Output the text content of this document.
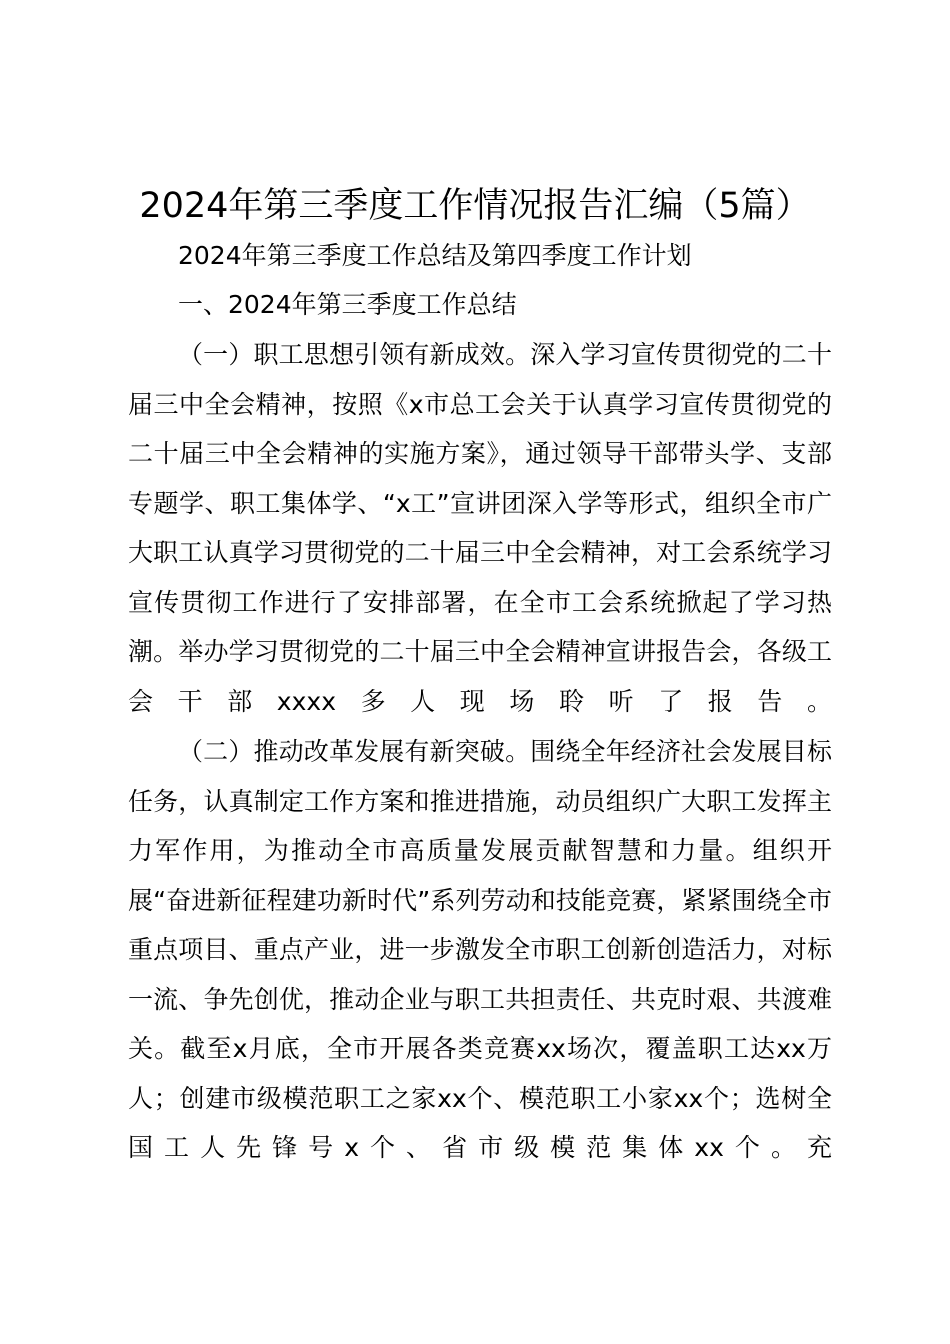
2024年第三季度工作情况报告汇编（5篇）
2024年第三季度工作总结及第四季度工作计划
一、2024年第三季度工作总结
（一）职工思想引领有新成效。深入学习宣传贯彻党的二十届三中全会精神，按照《x市总工会关于认真学习宣传贯彻党的二十届三中全会精神的实施方案》，通过领导干部带头学、支部专题学、职工集体学、“x工”宣讲团深入学等形式，组织全市广大职工认真学习贯彻党的二十届三中全会精神，对工会系统学习宣传贯彻工作进行了安排部署，在全市工会系统掀起了学习热潮。举办学习贯彻党的二十届三中全会精神宣讲报告会，各级工会干部xxxx多人现场聆听了报告。
（二）推动改革发展有新突破。围绕全年经济社会发展目标任务，认真制定工作方案和推进措施，动员组织广大职工发挥主力军作用，为推动全市高质量发展贡献智慧和力量。组织开展“奋进新征程建功新时代”系列劳动和技能竞赛，紧紧围绕全市重点项目、重点产业，进一步激发全市职工创新创造活力，对标一流、争先创优，推动企业与职工共担责任、共克时艰、共渡难关。截至x月底，全市开展各类竞赛xx场次，覆盖职工达xx万人；创建市级模范职工之家xx个、模范职工小家xx个；选树全国工人先锋号x个、省市级模范集体xx个。充
